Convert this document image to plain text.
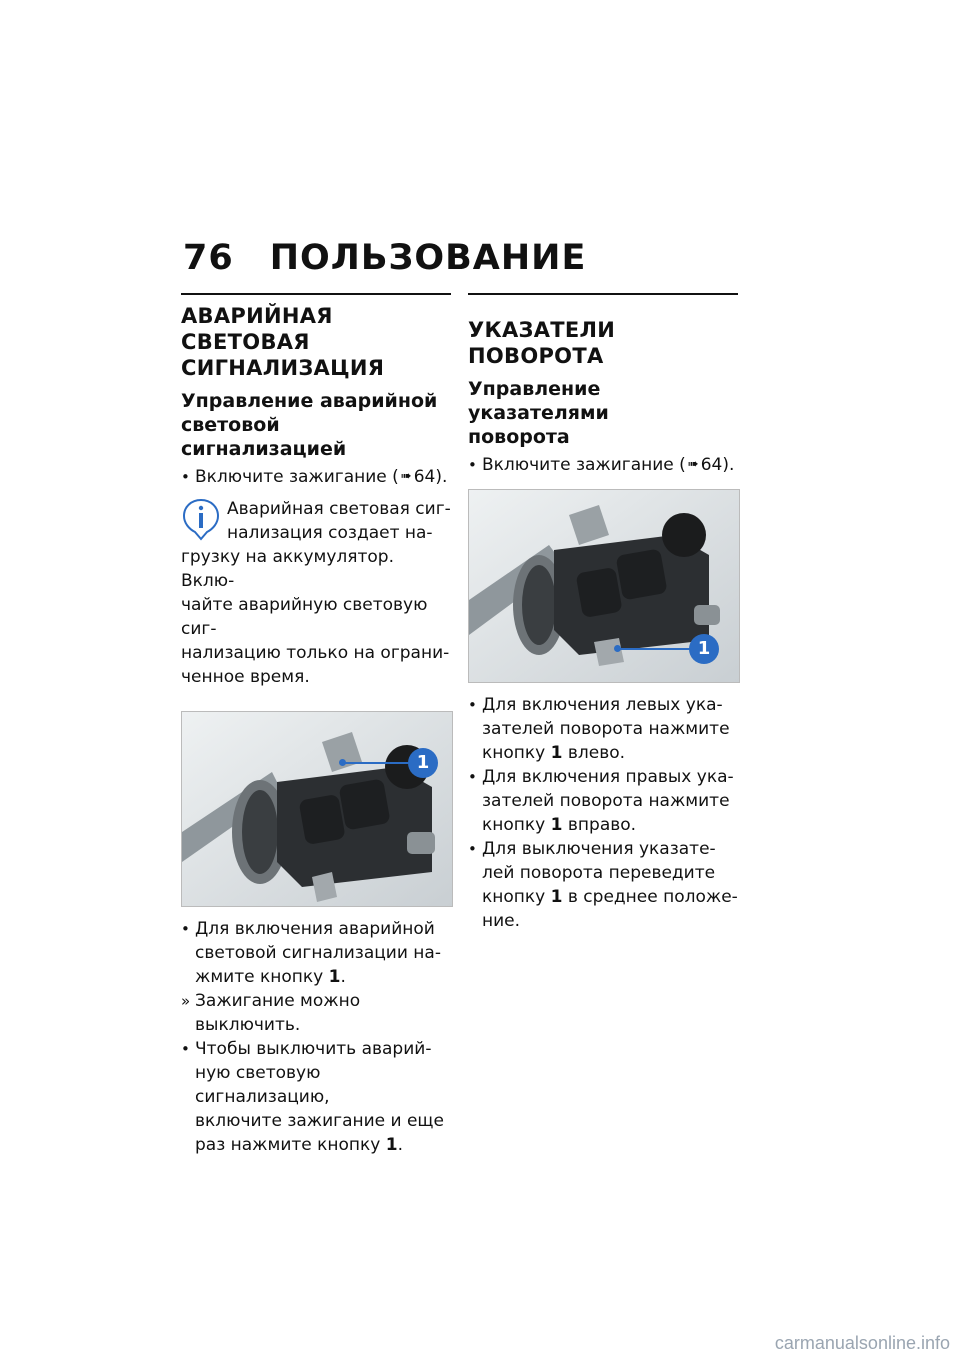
76 ПОЛЬЗОВАНИЕ
АВАРИЙНАЯ СВЕТОВАЯ
СИГНАЛИЗАЦИЯ
Управление аварийной
световой сигнализацией
• Включите зажигание ( ➠ 64).
Аварийная световая сиг-
нализация создает на-
грузку на аккумулятор. Вклю-
чайте аварийную световую сиг-
нализацию только на ограни-
ченное время.
1
• Для включения аварийной
световой сигнализации на-
жмите кнопку 1.
» Зажигание можно выключить.
• Чтобы выключить аварий-
ную световую сигнализацию,
включите зажигание и еще
раз нажмите кнопку 1.
УКАЗАТЕЛИ ПОВОРОТА
Управление указателями
поворота
• Включите зажигание ( ➠ 64).
1
• Для включения левых ука-
зателей поворота нажмите
кнопку 1 влево.
• Для включения правых ука-
зателей поворота нажмите
кнопку 1 вправо.
• Для выключения указате-
лей поворота переведите
кнопку 1 в среднее положе-
ние.
carmanualsonline.info
